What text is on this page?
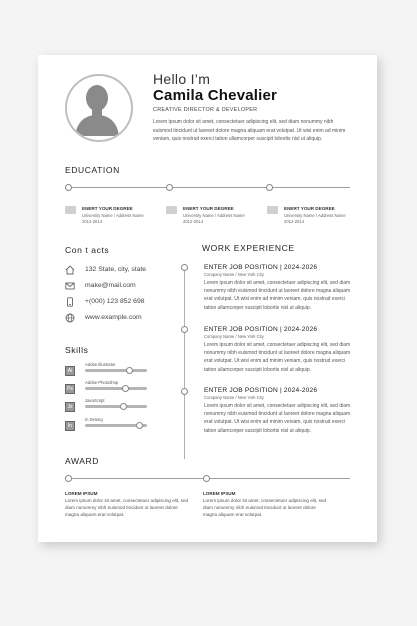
Hello I’m
Camila Chevalier
CREATIVE DIRECTOR & DEVELOPER
Lorem ipsum dolor sit amet, consectetuer adipiscing elit, sed diam nonummy nibh euismod tincidunt ut laoreet dolore magna aliquam erat volutpat. Ut wisi enim ad minim veniam, quis nostrud exerci tation ullamcorper suscipit lobortis nisl ut aliquip.
EDUCATION
ENERT YOUR DEGREE
University Name / Address Name
2012-2014
ENERT YOUR DEGREE
University Name / Address Name
2012-2014
ENERT YOUR DEGREE
University Name / Address Name
2012-2014
Con t acts
132 State, city, state
make@mail.com
+(000) 123 852 698
www.example.com
Skills
Ai
Adobe Illustrator
Ps
Adobe Photoshop
Js
JavaScript
In
In Desing
WORK EXPERIENCE
ENTER JOB POSITION | 2024-2026
Company Name / New York City
Lorem ipsum dolor sit amet, consectetuer adipiscing elit, sed diam nonummy nibh euismod tincidunt ut laoreet dolore magna aliquam erat volutpat. Ut wisi enim ad minim veniam, quis nostrud exerci tation ullamcorper suscipit lobortis nisl ut aliquip.
ENTER JOB POSITION | 2024-2026
Company Name / New York City
Lorem ipsum dolor sit amet, consectetuer adipiscing elit, sed diam nonummy nibh euismod tincidunt ut laoreet dolore magna aliquam erat volutpat. Ut wisi enim ad minim veniam, quis nostrud exerci tation ullamcorper suscipit lobortis nisl ut aliquip.
ENTER JOB POSITION | 2024-2026
Company Name / New York City
Lorem ipsum dolor sit amet, consectetuer adipiscing elit, sed diam nonummy nibh euismod tincidunt ut laoreet dolore magna aliquam erat volutpat. Ut wisi enim ad minim veniam, quis nostrud exerci tation ullamcorper suscipit lobortis nisl ut aliquip.
AWARD
LOREM IPSUM
Lorem ipsum dolor sit amet, consectetuer adipiscing elit, sed diam nonummy nibh euismod tincidunt ut laoreet dolore magna aliquam erat volutpat.
LOREM IPSUM
Lorem ipsum dolor sit amet, consectetuer adipiscing elit, sed diam nonummy nibh euismod tincidunt ut laoreet dolore magna aliquam erat volutpat.
